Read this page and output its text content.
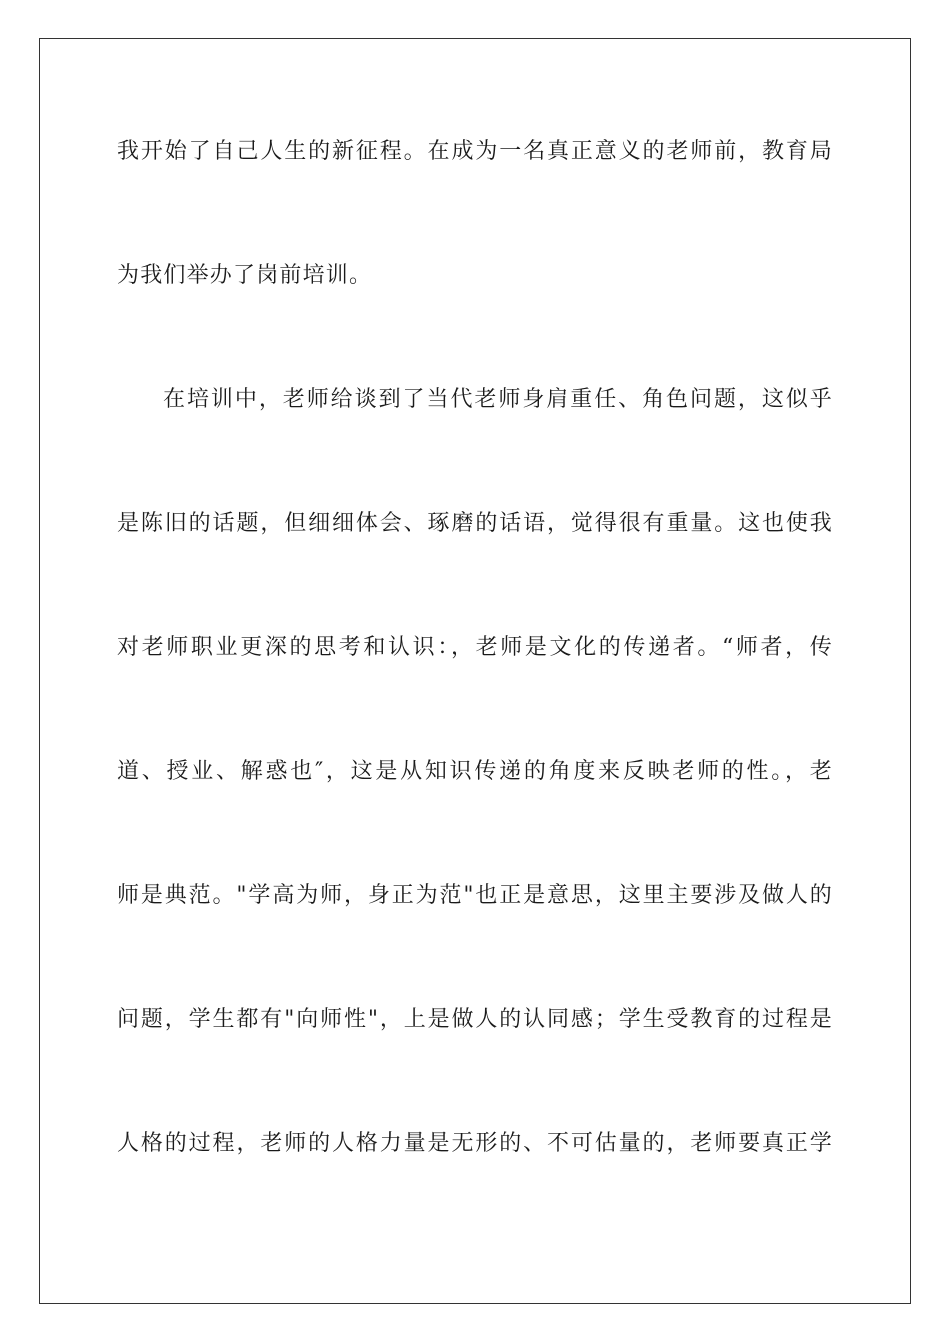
我开始了自己人生的新征程。在成为一名真正意义的老师前，教育局
为我们举办了岗前培训。
在培训中，老师给谈到了当代老师身肩重任、角色问题，这似乎
是陈旧的话题，但细细体会、琢磨的话语，觉得很有重量。这也使我
对老师职业更深的思考和认识：，老师是文化的传递者。“师者，传
道、授业、解惑也″，这是从知识传递的角度来反映老师的性。，老
师是典范。"学高为师，身正为范"也正是意思，这里主要涉及做人的
问题，学生都有"向师性"，上是做人的认同感；学生受教育的过程是
人格的过程，老师的人格力量是无形的、不可估量的，老师要真正学
